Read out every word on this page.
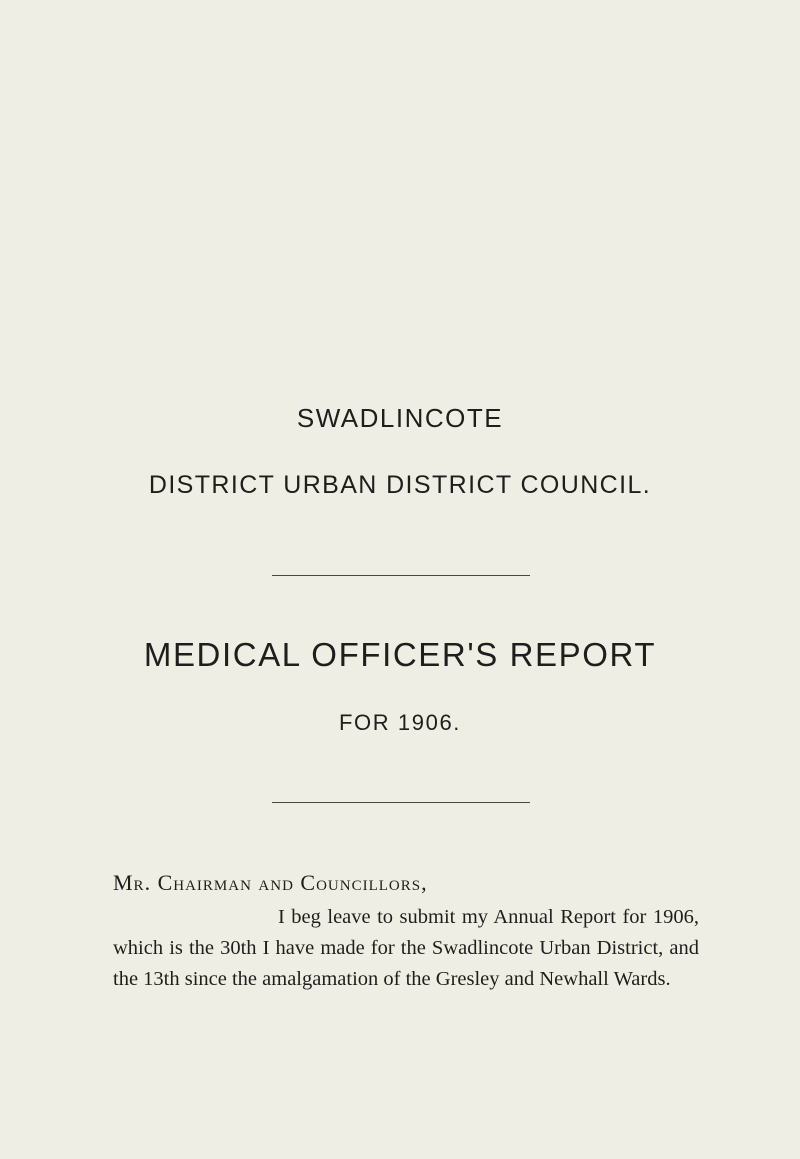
SWADLINCOTE
DISTRICT URBAN DISTRICT COUNCIL.
MEDICAL OFFICER'S REPORT
FOR 1906.
Mr. Chairman and Councillors,
I beg leave to submit my Annual Report for 1906, which is the 30th I have made for the Swadlincote Urban District, and the 13th since the amalgamation of the Gresley and Newhall Wards.
